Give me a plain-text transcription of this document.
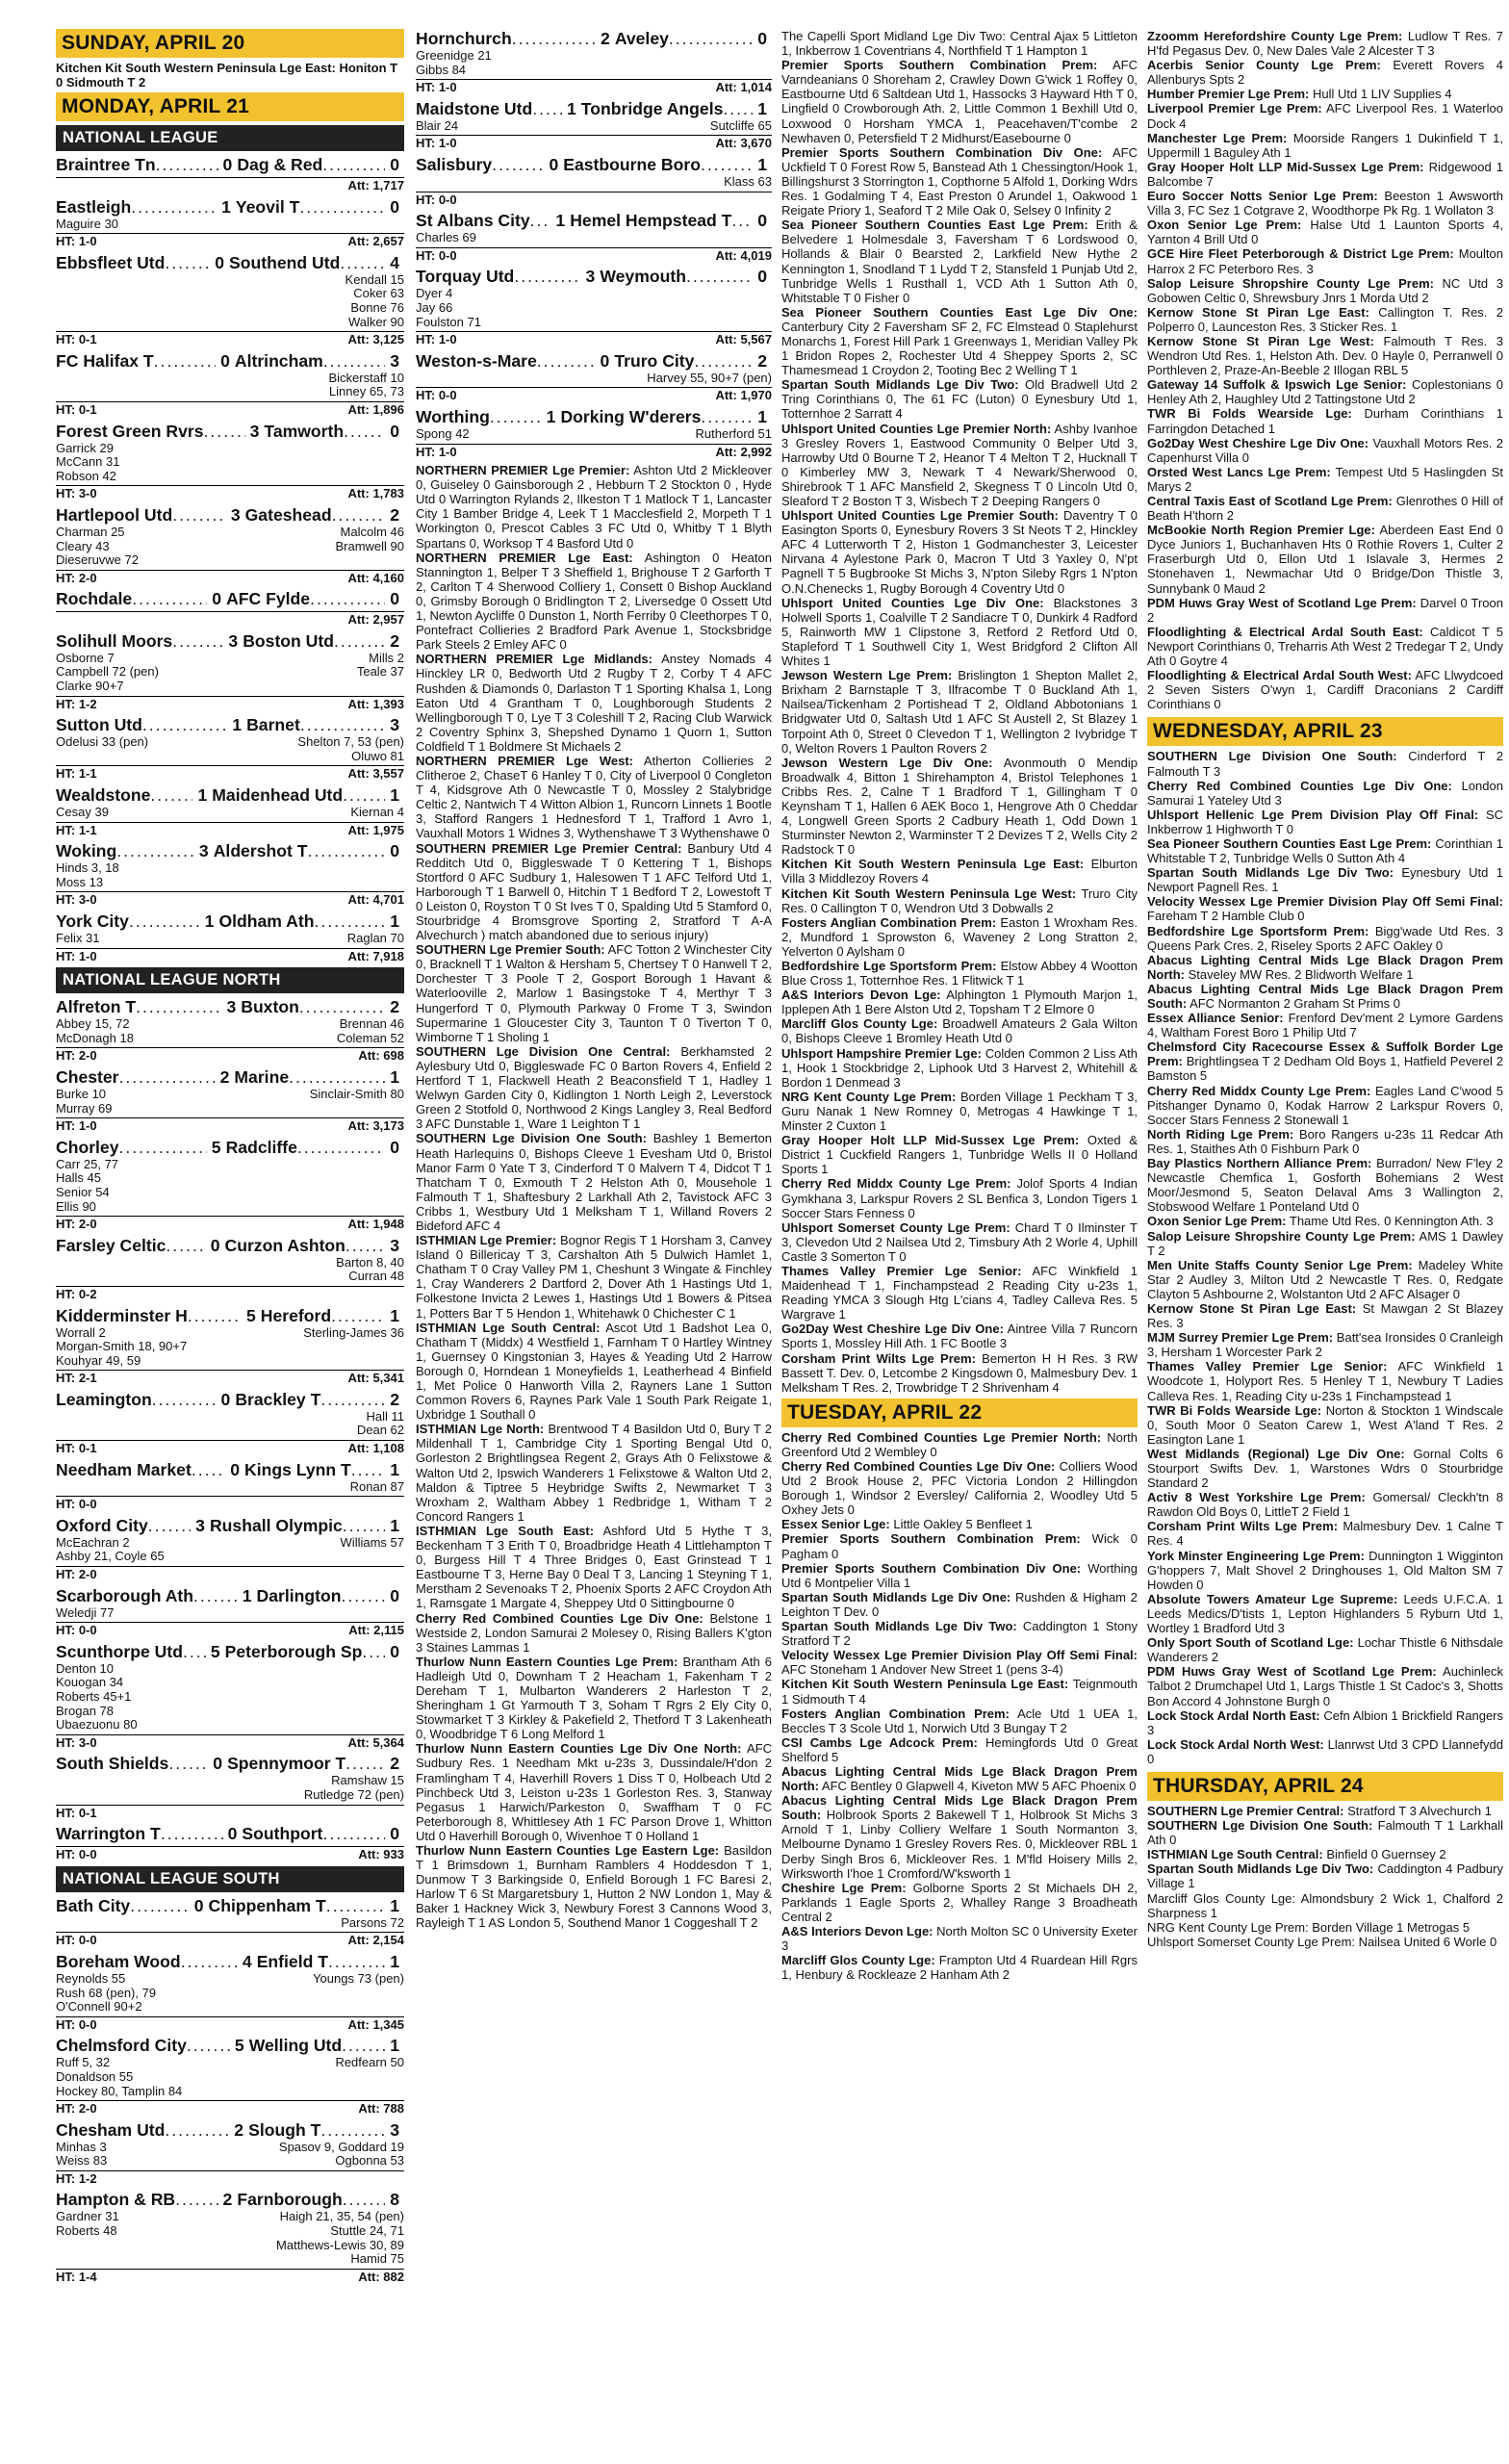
SUNDAY, APRIL 20
Kitchen Kit South Western Peninsula Lge East: Honiton T 0 Sidmouth T 2
MONDAY, APRIL 21
NATIONAL LEAGUE
Braintree Tn .....	0 Dag & Red .....	0
Att: 1,717
Eastleigh .....	1 Yeovil T .....	0
Maguire 30
HT: 1-0	Att: 2,657
Ebbsfleet Utd .....	0 Southend Utd .....	4
Kendall 15
Coker 63
Bonne 76
Walker 90
HT: 0-1	Att: 3,125
FC Halifax T .....	0 Altrincham .....	3
Bickerstaff 10
Linney 65, 73
HT: 0-1	Att: 1,896
Forest Green Rvrs .....	3 Tamworth .....	0
Garrick 29
McCann 31
Robson 42
HT: 3-0	Att: 1,783
Hartlepool Utd .....	3 Gateshead .....	2
Charman 25	Malcolm 46
Cleary 43	Bramwell 90
Dieseruvwe 72
HT: 2-0	Att: 4,160
Rochdale .....	0 AFC Fylde .....	0
Att: 2,957
Solihull Moors .....	3 Boston Utd .....	2
Osborne 7	Mills 2
Campbell 72 (pen)	Teale 37
Clarke 90+7
HT: 1-2	Att: 1,393
Sutton Utd .....	1 Barnet .....	3
Odelusi 33 (pen)	Shelton 7, 53 (pen)
Oluwo 81
HT: 1-1	Att: 3,557
Wealdstone .....	1 Maidenhead Utd .....	1
Cesay 39	Kiernan 4
HT: 1-1	Att: 1,975
Woking .....	3 Aldershot T .....	0
Hinds 3, 18
Moss 13
HT: 3-0	Att: 4,701
York City .....	1 Oldham Ath .....	1
Felix 31	Raglan 70
HT: 1-0	Att: 7,918
NATIONAL LEAGUE NORTH
Alfreton T .....	3 Buxton .....	2
Abbey 15, 72	Brennan 46
McDonagh 18	Coleman 52
HT: 2-0	Att: 698
Chester .....	2 Marine .....	1
Burke 10	Sinclair-Smith 80
Murray 69
HT: 1-0	Att: 3,173
Chorley .....	5 Radcliffe .....	0
Carr 25, 77
Halls 45
Senior 54
Ellis 90
HT: 2-0	Att: 1,948
Farsley Celtic .....	0 Curzon Ashton .....	3
Barton 8, 40
Curran 48
HT: 0-2
Kidderminster H .....	5 Hereford .....	1
Worrall 2	Sterling-James 36
Morgan-Smith 18, 90+7
Kouhyar 49, 59
HT: 2-1	Att: 5,341
Leamington .....	0 Brackley T .....	2
Hall 11
Dean 62
HT: 0-1	Att: 1,108
Needham Market ..... 0 Kings Lynn T ..... 1
Ronan 87
HT: 0-0
Oxford City .....	3 Rushall Olympic .....	1
McEachran 2	Williams 57
Ashby 21, Coyle 65
HT: 2-0
Scarborough Ath .....	1 Darlington .....	0
Weledji 77
HT: 0-0	Att: 2,115
Scunthorpe Utd ..... 5 Peterborough Sp ..... 0
Denton 10
Kouogan 34
Roberts 45+1
Brogan 78
Ubaezuonu 80
HT: 3-0	Att: 5,364
South Shields .....	0 Spennymoor T .....	2
Ramshaw 15
Rutledge 72 (pen)
HT: 0-1
Warrington T .....	0 Southport .....	0
HT: 0-0	Att: 933
NATIONAL LEAGUE SOUTH
Bath City .....	0 Chippenham T .....	1
Parsons 72
HT: 0-0	Att: 2,154
Boreham Wood .....	4 Enfield T .....	1
Reynolds 55	Youngs 73 (pen)
Rush 68 (pen), 79
O'Connell 90+2
HT: 0-0	Att: 1,345
Chelmsford City .....	5 Welling Utd .....	1
Ruff 5, 32	Redfearn 50
Donaldson 55
Hockey 80, Tamplin 84
HT: 2-0	Att: 788
Chesham Utd .....	2 Slough T .....	3
Minhas 3	Spasov 9, Goddard 19
Weiss 83	Ogbonna 53
HT: 1-2
Hampton & RB .....	2 Farnborough .....	8
Gardner 31	Haigh 21, 35, 54 (pen)
Roberts 48	Stuttle 24, 71
Matthews-Lewis 30, 89
Hamid 75
HT: 1-4	Att: 882
Hornchurch .....	2 Aveley .....	0
Greenidge 21
Gibbs 84
HT: 1-0	Att: 1,014
Maidstone Utd ..... 1 Tonbridge Angels ..... 1
Blair 24	Sutcliffe 65
HT: 1-0	Att: 3,670
Salisbury .....	0 Eastbourne Boro .....	1
Klass 63
HT: 0-0
St Albans City ..... 1 Hemel Hempstead T ..... 0
Charles 69
HT: 0-0	Att: 4,019
Torquay Utd .....	3 Weymouth .....	0
Dyer 4
Jay 66
Foulston 71
HT: 1-0	Att: 5,567
Weston-s-Mare .....	0 Truro City .....	2
Harvey 55, 90+7 (pen)
HT: 0-0	Att: 1,970
Worthing .....	1 Dorking W'derers .....	1
Spong 42	Rutherford 51
HT: 1-0	Att: 2,992
NORTHERN PREMIER Lge Premier: Ashton Utd 2 Mickleover 0, Guiseley 0 Gainsborough 2 , Hebburn T 2 Stockton 0 , Hyde Utd 0 Warrington Rylands 2, Ilkeston T 1 Matlock T 1, Lancaster City 1 Bamber Bridge 4, Leek T 1 Macclesfield 2, Morpeth T 1 Workington 0, Prescot Cables 3 FC Utd 0, Whitby T 1 Blyth Spartans 0, Worksop T 4 Basford Utd 0
NORTHERN PREMIER Lge East: Ashington 0 Heaton Stannington 1, Belper T 3 Sheffield 1, Brighouse T 2 Garforth T 2, Carlton T 4 Sherwood Colliery 1, Consett 0 Bishop Auckland 0, Grimsby Borough 0 Bridlington T 2, Liversedge 0 Ossett Utd 1, Newton Aycliffe 0 Dunston 1, North Ferriby 0 Cleethorpes T 0, Pontefract Collieries 2 Bradford Park Avenue 1, Stocksbridge Park Steels 2 Emley AFC 0
NORTHERN PREMIER Lge Midlands: Anstey Nomads 4 Hinckley LR 0, Bedworth Utd 2 Rugby T 2, Corby T 4 AFC Rushden & Diamonds 0, Darlaston T 1 Sporting Khalsa 1, Long Eaton Utd 4 Grantham T 0, Loughborough Students 2 Wellingborough T 0, Lye T 3 Coleshill T 2, Racing Club Warwick 2 Coventry Sphinx 3, Shepshed Dynamo 1 Quorn 1, Sutton Coldfield T 1 Boldmere St Michaels 2
NORTHERN PREMIER Lge West: Atherton Collieries 2 Clitheroe 2, ChaseT 6 Hanley T 0, City of Liverpool 0 Congleton T 4, Kidsgrove Ath 0 Newcastle T 0, Mossley 2 Stalybridge Celtic 2, Nantwich T 4 Witton Albion 1, Runcorn Linnets 1 Bootle 3, Stafford Rangers 1 Hednesford T 1, Trafford 1 Avro 1, Vauxhall Motors 1 Widnes 3, Wythenshawe T 3 Wythenshawe 0
SOUTHERN PREMIER Lge Premier Central: Banbury Utd 4 Redditch Utd 0, Biggleswade T 0 Kettering T 1, Bishops Stortford 0 AFC Sudbury 1, Halesowen T 1 AFC Telford Utd 1, Harborough T 1 Barwell 0, Hitchin T 1 Bedford T 2, Lowestoft T 0 Leiston 0, Royston T 0 St Ives T 0, Spalding Utd 5 Stamford 0, Stourbridge 4 Bromsgrove Sporting 2, Stratford T A-A Alvechurch ) match abandoned due to serious injury)
SOUTHERN Lge Premier South: AFC Totton 2 Winchester City 0, Bracknell T 1 Walton & Hersham 5, Chertsey T 0 Hanwell T 2, Dorchester T 3 Poole T 2, Gosport Borough 1 Havant & Waterlooville 2, Marlow 1 Basingstoke T 4, Merthyr T 3 Hungerford T 0, Plymouth Parkway 0 Frome T 3, Swindon Supermarine 1 Gloucester City 3, Taunton T 0 Tiverton T 0, Wimborne T 1 Sholing 1
SOUTHERN Lge Division One Central: Berkhamsted 2 Aylesbury Utd 0, Biggleswade FC 0 Barton Rovers 4, Enfield 2 Hertford T 1, Flackwell Heath 2 Beaconsfield T 1, Hadley 1 Welwyn Garden City 0, Kidlington 1 North Leigh 2, Leverstock Green 2 Stotfold 0, Northwood 2 Kings Langley 3, Real Bedford 3 AFC Dunstable 1, Ware 1 Leighton T 1
SOUTHERN Lge Division One South: Bashley 1 Bemerton Heath Harlequins 0, Bishops Cleeve 1 Evesham Utd 0, Bristol Manor Farm 0 Yate T 3, Cinderford T 0 Malvern T 4, Didcot T 1 Thatcham T 0, Exmouth T 2 Helston Ath 0, Mousehole 1 Falmouth T 1, Shaftesbury 2 Larkhall Ath 2, Tavistock AFC 3 Cribbs 1, Westbury Utd 1 Melksham T 1, Willand Rovers 2 Bideford AFC 4
ISTHMIAN Lge Premier: Bognor Regis T 1 Horsham 3, Canvey Island 0 Billericay T 3, Carshalton Ath 5 Dulwich Hamlet 1, Chatham T 0 Cray Valley PM 1, Cheshunt 3 Wingate & Finchley 1, Cray Wanderers 2 Dartford 2, Dover Ath 1 Hastings Utd 1, Folkestone Invicta 2 Lewes 1, Hastings Utd 1 Bowers & Pitsea 1, Potters Bar T 5 Hendon 1, Whitehawk 0 Chichester C 1
ISTHMIAN Lge South Central: Ascot Utd 1 Badshot Lea 0, Chatham T (Middx) 4 Westfield 1, Farnham T 0 Hartley Wintney 1, Guernsey 0 Kingstonian 3, Hayes & Yeading Utd 2 Harrow Borough 0, Horndean 1 Moneyfields 1, Leatherhead 4 Binfield 1, Met Police 0 Hanworth Villa 2, Rayners Lane 1 Sutton Common Rovers 6, Raynes Park Vale 1 South Park Reigate 1, Uxbridge 1 Southall 0
ISTHMIAN Lge North: Brentwood T 4 Basildon Utd 0, Bury T 2 Mildenhall T 1, Cambridge City 1 Sporting Bengal Utd 0, Gorleston 2 Brightlingsea Regent 2, Grays Ath 0 Felixstowe & Walton Utd 2, Ipswich Wanderers 1 Felixstowe & Walton Utd 2, Maldon & Tiptree 5 Heybridge Swifts 2, Newmarket T 3 Wroxham 2, Waltham Abbey 1 Redbridge 1, Witham T 2 Concord Rangers 1
ISTHMIAN Lge South East: Ashford Utd 5 Hythe T 3, Beckenham T 3 Erith T 0, Broadbridge Heath 4 Littlehampton T 0, Burgess Hill T 4 Three Bridges 0, East Grinstead T 1 Eastbourne T 3, Herne Bay 0 Deal T 3, Lancing 1 Steyning T 1, Merstham 2 Sevenoaks T 2, Phoenix Sports 2 AFC Croydon Ath 1, Ramsgate 1 Margate 4, Sheppey Utd 0 Sittingbourne 0
Cherry Red Combined Counties Lge Div One: Belstone 1 Westside 2, London Samurai 2 Molesey 0, Rising Ballers K'gton 3 Staines Lammas 1
Thurlow Nunn Eastern Counties Lge Prem: Brantham Ath 6 Hadleigh Utd 0, Downham T 2 Heacham 1, Fakenham T 2 Dereham T 1, Mulbarton Wanderers 2 Harleston T 2, Sheringham 1 Gt Yarmouth T 3, Soham T Rgrs 2 Ely City 0, Stowmarket T 3 Kirkley & Pakefield 2, Thetford T 3 Lakenheath 0, Woodbridge T 6 Long Melford 1
Thurlow Nunn Eastern Counties Lge Div One North: AFC Sudbury Res. 1 Needham Mkt u-23s 3, Dussindale/H'don 2 Framlingham T 4, Haverhill Rovers 1 Diss T 0, Holbeach Utd 2 Pinchbeck Utd 3, Leiston u-23s 1 Gorleston Res. 3, Stanway Pegasus 1 Harwich/Parkeston 0, Swaffham T 0 FC Peterborough 8, Whittlesey Ath 1 FC Parson Drove 1, Whitton Utd 0 Haverhill Borough 0, Wivenhoe T 0 Holland 1
Thurlow Nunn Eastern Counties Lge Eastern Lge: Basildon T 1 Brimsdown 1, Burnham Ramblers 4 Hoddesdon T 1, Dunmow T 3 Barkingside 0, Enfield Borough 1 FC Baresi 2, Harlow T 6 St Margaretsbury 1, Hutton 2 NW London 1, May & Baker 1 Hackney Wick 3, Newbury Forest 3 Cannons Wood 3, Rayleigh T 1 AS London 5, Southend Manor 1 Coggeshall T 2
The Capelli Sport Midland Lge Div Two: Central Ajax 5 Littleton 1, Inkberrow 1 Coventrians 4, Northfield T 1 Hampton 1
Premier Sports Southern Combination Prem: AFC Varndeanians 0 Shoreham 2, Crawley Down G'wick 1 Roffey 0, Eastbourne Utd 6 Saltdean Utd 1, Hassocks 3 Hayward Hth T 0, Lingfield 0 Crowborough Ath. 2, Little Common 1 Bexhill Utd 0, Loxwood 0 Horsham YMCA 1, Peacehaven/T'combe 2 Newhaven 0, Petersfield T 2 Midhurst/Easebourne 0
Premier Sports Southern Combination Div One: AFC Uckfield T 0 Forest Row 5, Banstead Ath 1 Chessington/Hook 1, Billingshurst 3 Storrington 1, Copthorne 5 Alfold 1, Dorking Wdrs Res. 1 Godalming T 4, East Preston 0 Arundel 1, Oakwood 1 Reigate Priory 1, Seaford T 2 Mile Oak 0, Selsey 0 Infinity 2
Sea Pioneer Southern Counties East Lge Prem: Erith & Belvedere 1 Holmesdale 3, Faversham T 6 Lordswood 0, Hollands & Blair 0 Bearsted 2, Larkfield New Hythe 2 Kennington 1, Snodland T 1 Lydd T 2, Stansfeld 1 Punjab Utd 2, Tunbridge Wells 1 Rusthall 1, VCD Ath 1 Sutton Ath 0, Whitstable T 0 Fisher 0
Sea Pioneer Southern Counties East Lge Div One: Canterbury City 2 Faversham SF 2, FC Elmstead 0 Staplehurst Monarchs 1, Forest Hill Park 1 Greenways 1, Meridian Valley Pk 1 Bridon Ropes 2, Rochester Utd 4 Sheppey Sports 2, SC Thamesmead 1 Croydon 2, Tooting Bec 2 Welling T 1
Spartan South Midlands Lge Div Two: Old Bradwell Utd 2 Tring Corinthians 0, The 61 FC (Luton) 0 Eynesbury Utd 1, Totternhoe 2 Sarratt 4
Uhlsport United Counties Lge Premier North: Ashby Ivanhoe 3 Gresley Rovers 1, Eastwood Community 0 Belper Utd 3, Harrowby Utd 0 Bourne T 2, Heanor T 4 Melton T 2, Hucknall T 0 Kimberley MW 3, Newark T 4 Newark/Sherwood 0, Shirebrook T 1 AFC Mansfield 2, Skegness T 0 Lincoln Utd 0, Sleaford T 2 Boston T 3, Wisbech T 2 Deeping Rangers 0
Uhlsport United Counties Lge Premier South: Daventry T 0 Easington Sports 0, Eynesbury Rovers 3 St Neots T 2, Hinckley AFC 4 Lutterworth T 2, Histon 1 Godmanchester 3, Leicester Nirvana 4 Aylestone Park 0, Macron T Utd 3 Yaxley 0, N'pt Pagnell T 5 Bugbrooke St Michs 3, N'pton Sileby Rgrs 1 N'pton O.N.Chenecks 1, Rugby Borough 4 Coventry Utd 0
Uhlsport United Counties Lge Div One: Blackstones 3 Holwell Sports 1, Coalville T 2 Sandiacre T 0, Dunkirk 4 Radford 5, Rainworth MW 1 Clipstone 3, Retford 2 Retford Utd 0, Stapleford T 1 Southwell City 1, West Bridgford 2 Clifton All Whites 1
Jewson Western Lge Prem: Brislington 1 Shepton Mallet 2, Brixham 2 Barnstaple T 3, Ilfracombe T 0 Buckland Ath 1, Nailsea/Tickenham 2 Portishead T 2, Oldland Abbotonians 1 Bridgwater Utd 0, Saltash Utd 1 AFC St Austell 2, St Blazey 1 Torpoint Ath 0, Street 0 Clevedon T 1, Wellington 2 Ivybridge T 0, Welton Rovers 1 Paulton Rovers 2
Jewson Western Lge Div One: Avonmouth 0 Mendip Broadwalk 4, Bitton 1 Shirehampton 4, Bristol Telephones 1 Cribbs Res. 2, Calne T 1 Bradford T 1, Gillingham T 0 Keynsham T 1, Hallen 6 AEK Boco 1, Hengrove Ath 0 Cheddar 4, Longwell Green Sports 2 Cadbury Heath 1, Odd Down 1 Sturminster Newton 2, Warminster T 2 Devizes T 2, Wells City 2 Radstock T 0
Kitchen Kit South Western Peninsula Lge East: Elburton Villa 3 Middlezoy Rovers 4
Kitchen Kit South Western Peninsula Lge West: Truro City Res. 0 Callington T 0, Wendron Utd 3 Dobwalls 2
Fosters Anglian Combination Prem: Easton 1 Wroxham Res. 2, Mundford 1 Sprowston 6, Waveney 2 Long Stratton 2, Yelverton 0 Aylsham 0
Bedfordshire Lge Sportsform Prem: Elstow Abbey 4 Wootton Blue Cross 1, Totternhoe Res. 1 Flitwick T 1
A&S Interiors Devon Lge: Alphington 1 Plymouth Marjon 1, Ipplepen Ath 1 Bere Alston Utd 2, Topsham T 2 Elmore 0
Marcliff Glos County Lge: Broadwell Amateurs 2 Gala Wilton 0, Bishops Cleeve 1 Bromley Heath Utd 0
Uhlsport Hampshire Premier Lge: Colden Common 2 Liss Ath 1, Hook 1 Stockbridge 2, Liphook Utd 3 Harvest 2, Whitehill & Bordon 1 Denmead 3
NRG Kent County Lge Prem: Borden Village 1 Peckham T 3, Guru Nanak 1 New Romney 0, Metrogas 4 Hawkinge T 1, Minster 2 Cuxton 1
Gray Hooper Holt LLP Mid-Sussex Lge Prem: Oxted & District 1 Cuckfield Rangers 1, Tunbridge Wells II 0 Holland Sports 1
Cherry Red Middx County Lge Prem: Jolof Sports 4 Indian Gymkhana 3, Larkspur Rovers 2 SL Benfica 3, London Tigers 1 Soccer Stars Fenness 0
Uhlsport Somerset County Lge Prem: Chard T 0 Ilminster T 3, Clevedon Utd 2 Nailsea Utd 2, Timsbury Ath 2 Worle 4, Uphill Castle 3 Somerton T 0
Thames Valley Premier Lge Senior: AFC Winkfield 1 Maidenhead T 1, Finchampstead 2 Reading City u-23s 1, Reading YMCA 3 Slough Htg L'cians 4, Tadley Calleva Res. 5 Wargrave 1
Go2Day West Cheshire Lge Div One: Aintree Villa 7 Runcorn Sports 1, Mossley Hill Ath. 1 FC Bootle 3
Corsham Print Wilts Lge Prem: Bemerton H H Res. 3 RW Bassett T. Dev. 0, Letcombe 2 Kingsdown 0, Malmesbury Dev. 1 Melksham T Res. 2, Trowbridge T 2 Shrivenham 4
TUESDAY, APRIL 22
Cherry Red Combined Counties Lge Premier North: North Greenford Utd 2 Wembley 0
Cherry Red Combined Counties Lge Div One: Colliers Wood Utd 2 Brook House 2, PFC Victoria London 2 Hillingdon Borough 1, Windsor 2 Eversley/ California 2, Woodley Utd 5 Oxhey Jets 0
Essex Senior Lge: Little Oakley 5 Benfleet 1
Premier Sports Southern Combination Prem: Wick 0 Pagham 0
Premier Sports Southern Combination Div One: Worthing Utd 6 Montpelier Villa 1
Spartan South Midlands Lge Div One: Rushden & Higham 2 Leighton T Dev. 0
Spartan South Midlands Lge Div Two: Caddington 1 Stony Stratford T 2
Velocity Wessex Lge Premier Division Play Off Semi Final: AFC Stoneham 1 Andover New Street 1 (pens 3-4)
Kitchen Kit South Western Peninsula Lge East: Teignmouth 1 Sidmouth T 4
Fosters Anglian Combination Prem: Acle Utd 1 UEA 1, Beccles T 3 Scole Utd 1, Norwich Utd 3 Bungay T 2
CSI Cambs Lge Adcock Prem: Hemingfords Utd 0 Great Shelford 5
Abacus Lighting Central Mids Lge Black Dragon Prem North: AFC Bentley 0 Glapwell 4, Kiveton MW 5 AFC Phoenix 0
Abacus Lighting Central Mids Lge Black Dragon Prem South: Holbrook Sports 2 Bakewell T 1, Holbrook St Michs 3 Arnold T 1, Linby Colliery Welfare 1 South Normanton 3, Melbourne Dynamo 1 Gresley Rovers Res. 0, Mickleover RBL 1 Derby Singh Bros 6, Mickleover Res. 1 M'fld Hoisery Mills 2, Wirksworth I'hoe 1 Cromford/W'ksworth 1
Cheshire Lge Prem: Golborne Sports 2 St Michaels DH 2, Parklands 1 Eagle Sports 2, Whalley Range 3 Broadheath Central 2
A&S Interiors Devon Lge: North Molton SC 0 University Exeter 3
Marcliff Glos County Lge: Frampton Utd 4 Ruardean Hill Rgrs 1, Henbury & Rockleaze 2 Hanham Ath 2
Zzoomm Herefordshire County Lge Prem: Ludlow T Res. 7 H'fd Pegasus Dev. 0, New Dales Vale 2 Alcester T 3
Acerbis Senior County Lge Prem: Everett Rovers 4 Allenburys Spts 2
Humber Premier Lge Prem: Hull Utd 1 LIV Supplies 4
Liverpool Premier Lge Prem: AFC Liverpool Res. 1 Waterloo Dock 4
Manchester Lge Prem: Moorside Rangers 1 Dukinfield T 1, Uppermill 1 Baguley Ath 1
Gray Hooper Holt LLP Mid-Sussex Lge Prem: Ridgewood 1 Balcombe 7
Euro Soccer Notts Senior Lge Prem: Beeston 1 Awsworth Villa 3, FC Sez 1 Cotgrave 2, Woodthorpe Pk Rg. 1 Wollaton 3
Oxon Senior Lge Prem: Halse Utd 1 Launton Sports 4, Yarnton 4 Brill Utd 0
GCE Hire Fleet Peterborough & District Lge Prem: Moulton Harrox 2 FC Peterboro Res. 3
Salop Leisure Shropshire County Lge Prem: NC Utd 3 Gobowen Celtic 0, Shrewsbury Jnrs 1 Morda Utd 2
Kernow Stone St Piran Lge East: Callington T. Res. 2 Polperro 0, Launceston Res. 3 Sticker Res. 1
Kernow Stone St Piran Lge West: Falmouth T Res. 3 Wendron Utd Res. 1, Helston Ath. Dev. 0 Hayle 0, Perranwell 0 Porthleven 2, Praze-An-Beeble 2 Illogan RBL 5
Gateway 14 Suffolk & Ipswich Lge Senior: Coplestonians 0 Henley Ath 2, Haughley Utd 2 Tattingstone Utd 2
TWR Bi Folds Wearside Lge: Durham Corinthians 1 Farringdon Detached 1
Go2Day West Cheshire Lge Div One: Vauxhall Motors Res. 2 Capenhurst Villa 0
Orsted West Lancs Lge Prem: Tempest Utd 5 Haslingden St Marys 2
Central Taxis East of Scotland Lge Prem: Glenrothes 0 Hill of Beath H'thorn 2
McBookie North Region Premier Lge: Aberdeen East End 0 Dyce Juniors 1, Buchanhaven Hts 0 Rothie Rovers 1, Culter 2 Fraserburgh Utd 0, Ellon Utd 1 Islavale 3, Hermes 2 Stonehaven 1, Newmachar Utd 0 Bridge/Don Thistle 3, Sunnybank 0 Maud 2
PDM Huws Gray West of Scotland Lge Prem: Darvel 0 Troon 2
Floodlighting & Electrical Ardal South East: Caldicot T 5 Newport Corinthians 0, Treharris Ath West 2 Tredegar T 2, Undy Ath 0 Goytre 4
Floodlighting & Electrical Ardal South West: AFC Llwydcoed 2 Seven Sisters O'wyn 1, Cardiff Draconians 2 Cardiff Corinthians 0
WEDNESDAY, APRIL 23
SOUTHERN Lge Division One South: Cinderford T 2 Falmouth T 3
Cherry Red Combined Counties Lge Div One: London Samurai 1 Yateley Utd 3
Uhlsport Hellenic Lge Prem Division Play Off Final: SC Inkberrow 1 Highworth T 0
Sea Pioneer Southern Counties East Lge Prem: Corinthian 1 Whitstable T 2, Tunbridge Wells 0 Sutton Ath 4
Spartan South Midlands Lge Div Two: Eynesbury Utd 1 Newport Pagnell Res. 1
Velocity Wessex Lge Premier Division Play Off Semi Final: Fareham T 2 Hamble Club 0
Bedfordshire Lge Sportsform Prem: Bigg'wade Utd Res. 3 Queens Park Cres. 2, Riseley Sports 2 AFC Oakley 0
Abacus Lighting Central Mids Lge Black Dragon Prem North: Staveley MW Res. 2 Blidworth Welfare 1
Abacus Lighting Central Mids Lge Black Dragon Prem South: AFC Normanton 2 Graham St Prims 0
Essex Alliance Senior: Frenford Dev'ment 2 Lymore Gardens 4, Waltham Forest Boro 1 Philip Utd 7
Chelmsford City Racecourse Essex & Suffolk Border Lge Prem: Brightlingsea T 2 Dedham Old Boys 1, Hatfield Peverel 2 Bamston 5
Cherry Red Middx County Lge Prem: Eagles Land C'wood 5 Pitshanger Dynamo 0, Kodak Harrow 2 Larkspur Rovers 0, Soccer Stars Fenness 2 Stonewall 1
North Riding Lge Prem: Boro Rangers u-23s 11 Redcar Ath Res. 1, Staithes Ath 0 Fishburn Park 0
Bay Plastics Northern Alliance Prem: Burradon/ New F'ley 2 Newcastle Chemfica 1, Gosforth Bohemians 2 West Moor/Jesmond 5, Seaton Delaval Ams 3 Wallington 2, Stobswood Welfare 1 Ponteland Utd 0
Oxon Senior Lge Prem: Thame Utd Res. 0 Kennington Ath. 3
Salop Leisure Shropshire County Lge Prem: AMS 1 Dawley T 2
Men Unite Staffs County Senior Lge Prem: Madeley White Star 2 Audley 3, Milton Utd 2 Newcastle T Res. 0, Redgate Clayton 5 Ashbourne 2, Wolstanton Utd 2 AFC Alsager 0
Kernow Stone St Piran Lge East: St Mawgan 2 St Blazey Res. 3
MJM Surrey Premier Lge Prem: Batt'sea Ironsides 0 Cranleigh 3, Hersham 1 Worcester Park 2
Thames Valley Premier Lge Senior: AFC Winkfield 1 Woodcote 1, Holyport Res. 5 Henley T 1, Newbury T Ladies Calleva Res. 1, Reading City u-23s 1 Finchampstead 1
TWR Bi Folds Wearside Lge: Norton & Stockton 1 Windscale 0, South Moor 0 Seaton Carew 1, West A'land T Res. 2 Easington Lane 1
West Midlands (Regional) Lge Div One: Gornal Colts 6 Stourport Swifts Dev. 1, Warstones Wdrs 0 Stourbridge Standard 2
Activ 8 West Yorkshire Lge Prem: Gomersal/ Cleckh'tn 8 Rawdon Old Boys 0, LittleT 2 Field 1
Corsham Print Wilts Lge Prem: Malmesbury Dev. 1 Calne T Res. 4
York Minster Engineering Lge Prem: Dunnington 1 Wigginton G'hoppers 7, Malt Shovel 2 Dringhouses 1, Old Malton SM 7 Howden 0
Absolute Towers Amateur Lge Supreme: Leeds U.F.C.A. 1 Leeds Medics/D'tists 1, Lepton Highlanders 5 Ryburn Utd 1, Wortley 1 Bradford Utd 3
Only Sport South of Scotland Lge: Lochar Thistle 6 Nithsdale Wanderers 2
PDM Huws Gray West of Scotland Lge Prem: Auchinleck Talbot 2 Drumchapel Utd 1, Largs Thistle 1 St Cadoc's 3, Shotts Bon Accord 4 Johnstone Burgh 0
Lock Stock Ardal North East: Cefn Albion 1 Brickfield Rangers 3
Lock Stock Ardal North West: Llanrwst Utd 3 CPD Llannefydd 0
THURSDAY, APRIL 24
SOUTHERN Lge Premier Central: Stratford T 3 Alvechurch 1
SOUTHERN Lge Division One South: Falmouth T 1 Larkhall Ath 0
ISTHMIAN Lge South Central: Binfield 0 Guernsey 2
Spartan South Midlands Lge Div Two: Caddington 4 Padbury Village 1
Marcliff Glos County Lge: Almondsbury 2 Wick 1, Chalford 2 Sharpness 1
NRG Kent County Lge Prem: Borden Village 1 Metrogas 5
Uhlsport Somerset County Lge Prem: Nailsea United 6 Worle 0
